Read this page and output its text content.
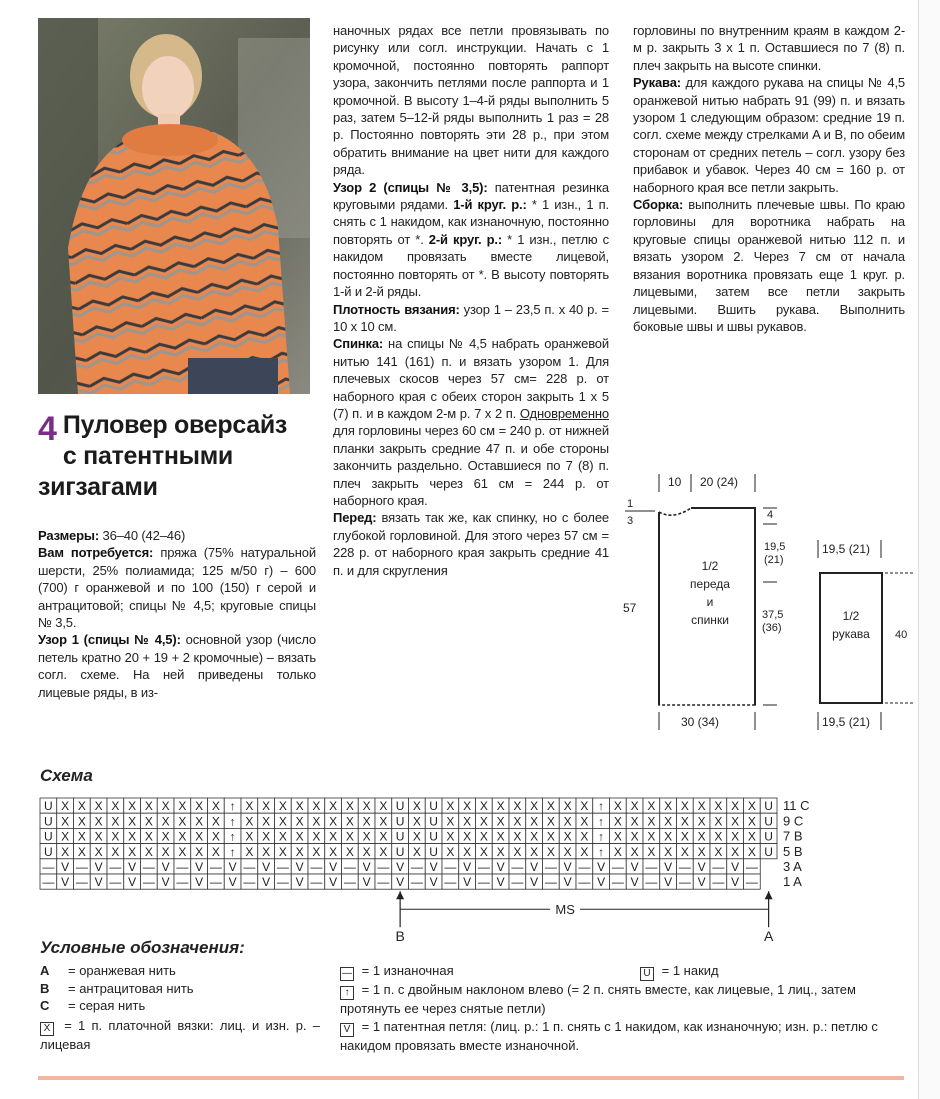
4 Пуловер оверсайз
с патентными
зигзагами

Размеры: 36–40 (42–46)

Вам потребуется: пряжа (75% натуральной шерсти, 25% полиамида; 125 м/50 г) – 600 (700) г оранжевой и по 100 (150) г серой и антрацитовой; спицы № 4,5; круговые спицы № 3,5.

Узор 1 (спицы № 4,5): основной узор (число петель кратно 20 + 19 + 2 кромочные) – вязать согл. схеме. На ней приведены только лицевые ряды, в из-

наночных рядах все петли провязывать по рисунку или согл. инструкции. Начать с 1 кромочной, постоянно повторять раппорт узора, закончить петлями после раппорта и 1 кромочной. В высоту 1–4-й ряды выполнить 5 раз, затем 5–12-й ряды выполнить 1 раз = 28 р. Постоянно повторять эти 28 р., при этом обратить внимание на цвет нити для каждого ряда.

Узор 2 (спицы № 3,5): патентная резинка круговыми рядами. 1-й круг. р.: * 1 изн., 1 п. снять с 1 накидом, как изнаночную, постоянно повторять от *. 2-й круг. р.: * 1 изн., петлю с накидом провязать вместе лицевой, постоянно повторять от *. В высоту повторять 1-й и 2-й ряды.

Плотность вязания: узор 1 – 23,5 п. х 40 р. = 10 х 10 см.

Спинка: на спицы № 4,5 набрать оранжевой нитью 141 (161) п. и вязать узором 1. Для плечевых скосов через 57 см= 228 р. от наборного края с обеих сторон закрыть 1 х 5 (7) п. и в каждом 2-м р. 7 х 2 п. Одновременно для горловины через 60 см = 240 р. от нижней планки закрыть средние 47 п. и обе стороны закончить раздельно. Оставшиеся по 7 (8) п. плеч закрыть через 61 см = 244 р. от наборного края.

Перед: вязать так же, как спинку, но с более глубокой горловиной. Для этого через 57 см = 228 р. от наборного края закрыть средние 41 п. и для скругления

горловины по внутренним краям в каждом 2-м р. закрыть 3 х 1 п. Оставшиеся по 7 (8) п. плеч закрыть на высоте спинки.

Рукава: для каждого рукава на спицы № 4,5 оранжевой нитью набрать 91 (99) п. и вязать узором 1 следующим образом: средние 19 п. согл. схеме между стрелками A и B, по обеим сторонам от средних петель – согл. узору без прибавок и убавок. Через 40 см = 160 р. от наборного края все петли закрыть.

Сборка: выполнить плечевые швы. По краю горловины для воротника набрать на круговые спицы оранжевой нитью 112 п. и вязать узором 2. Через 7 см от начала вязания воротника провязать еще 1 круг. р. лицевыми, затем все петли закрыть лицевыми. Вшить рукава. Выполнить боковые швы и швы рукавов.

10 20 (24)
1
3
1/2
переда
и
спинки
4
19,5
(21)
37,5
(36)
57
30 (34)
19,5 (21)
1/2
рукава 40
19,5 (21)
Схема
U X X X X X X X X X X ↑ X X X X X X X X X U X U X X X X X X X X X ↑ X X X X X X X X X U 11 C
U X X X X X X X X X X ↑ X X X X X X X X X U X U X X X X X X X X X ↑ X X X X X X X X X U 9 C
U X X X X X X X X X X ↑ X X X X X X X X X U X U X X X X X X X X X ↑ X X X X X X X X X U 7 B
U X X X X X X X X X X ↑ X X X X X X X X X U X U X X X X X X X X X ↑ X X X X X X X X X U 5 B
— V — V — V — V — V — V — V — V — V — V — V — V — V — V — V — V — V — V — V — V — V — 3 A
— V — V — V — V — V — V — V — V — V — V — V — V — V — V — V — V — V — V — V — V — V — 1 A
MS
B	A
Условные обозначения:
A = оранжевая нить
B = антрацитовая нить
C = серая нить
X = 1 п. платочной вязки: лиц. и изн. р. – лицевая
— = 1 изнаночная	U = 1 накид
↑ = 1 п. с двойным наклоном влево (= 2 п. снять вместе, как лицевые, 1 лиц., затем протянуть ее через снятые петли)
V = 1 патентная петля: (лиц. р.: 1 п. снять с 1 накидом, как изнаночную; изн. р.: петлю с накидом провязать вместе изнаночной.
